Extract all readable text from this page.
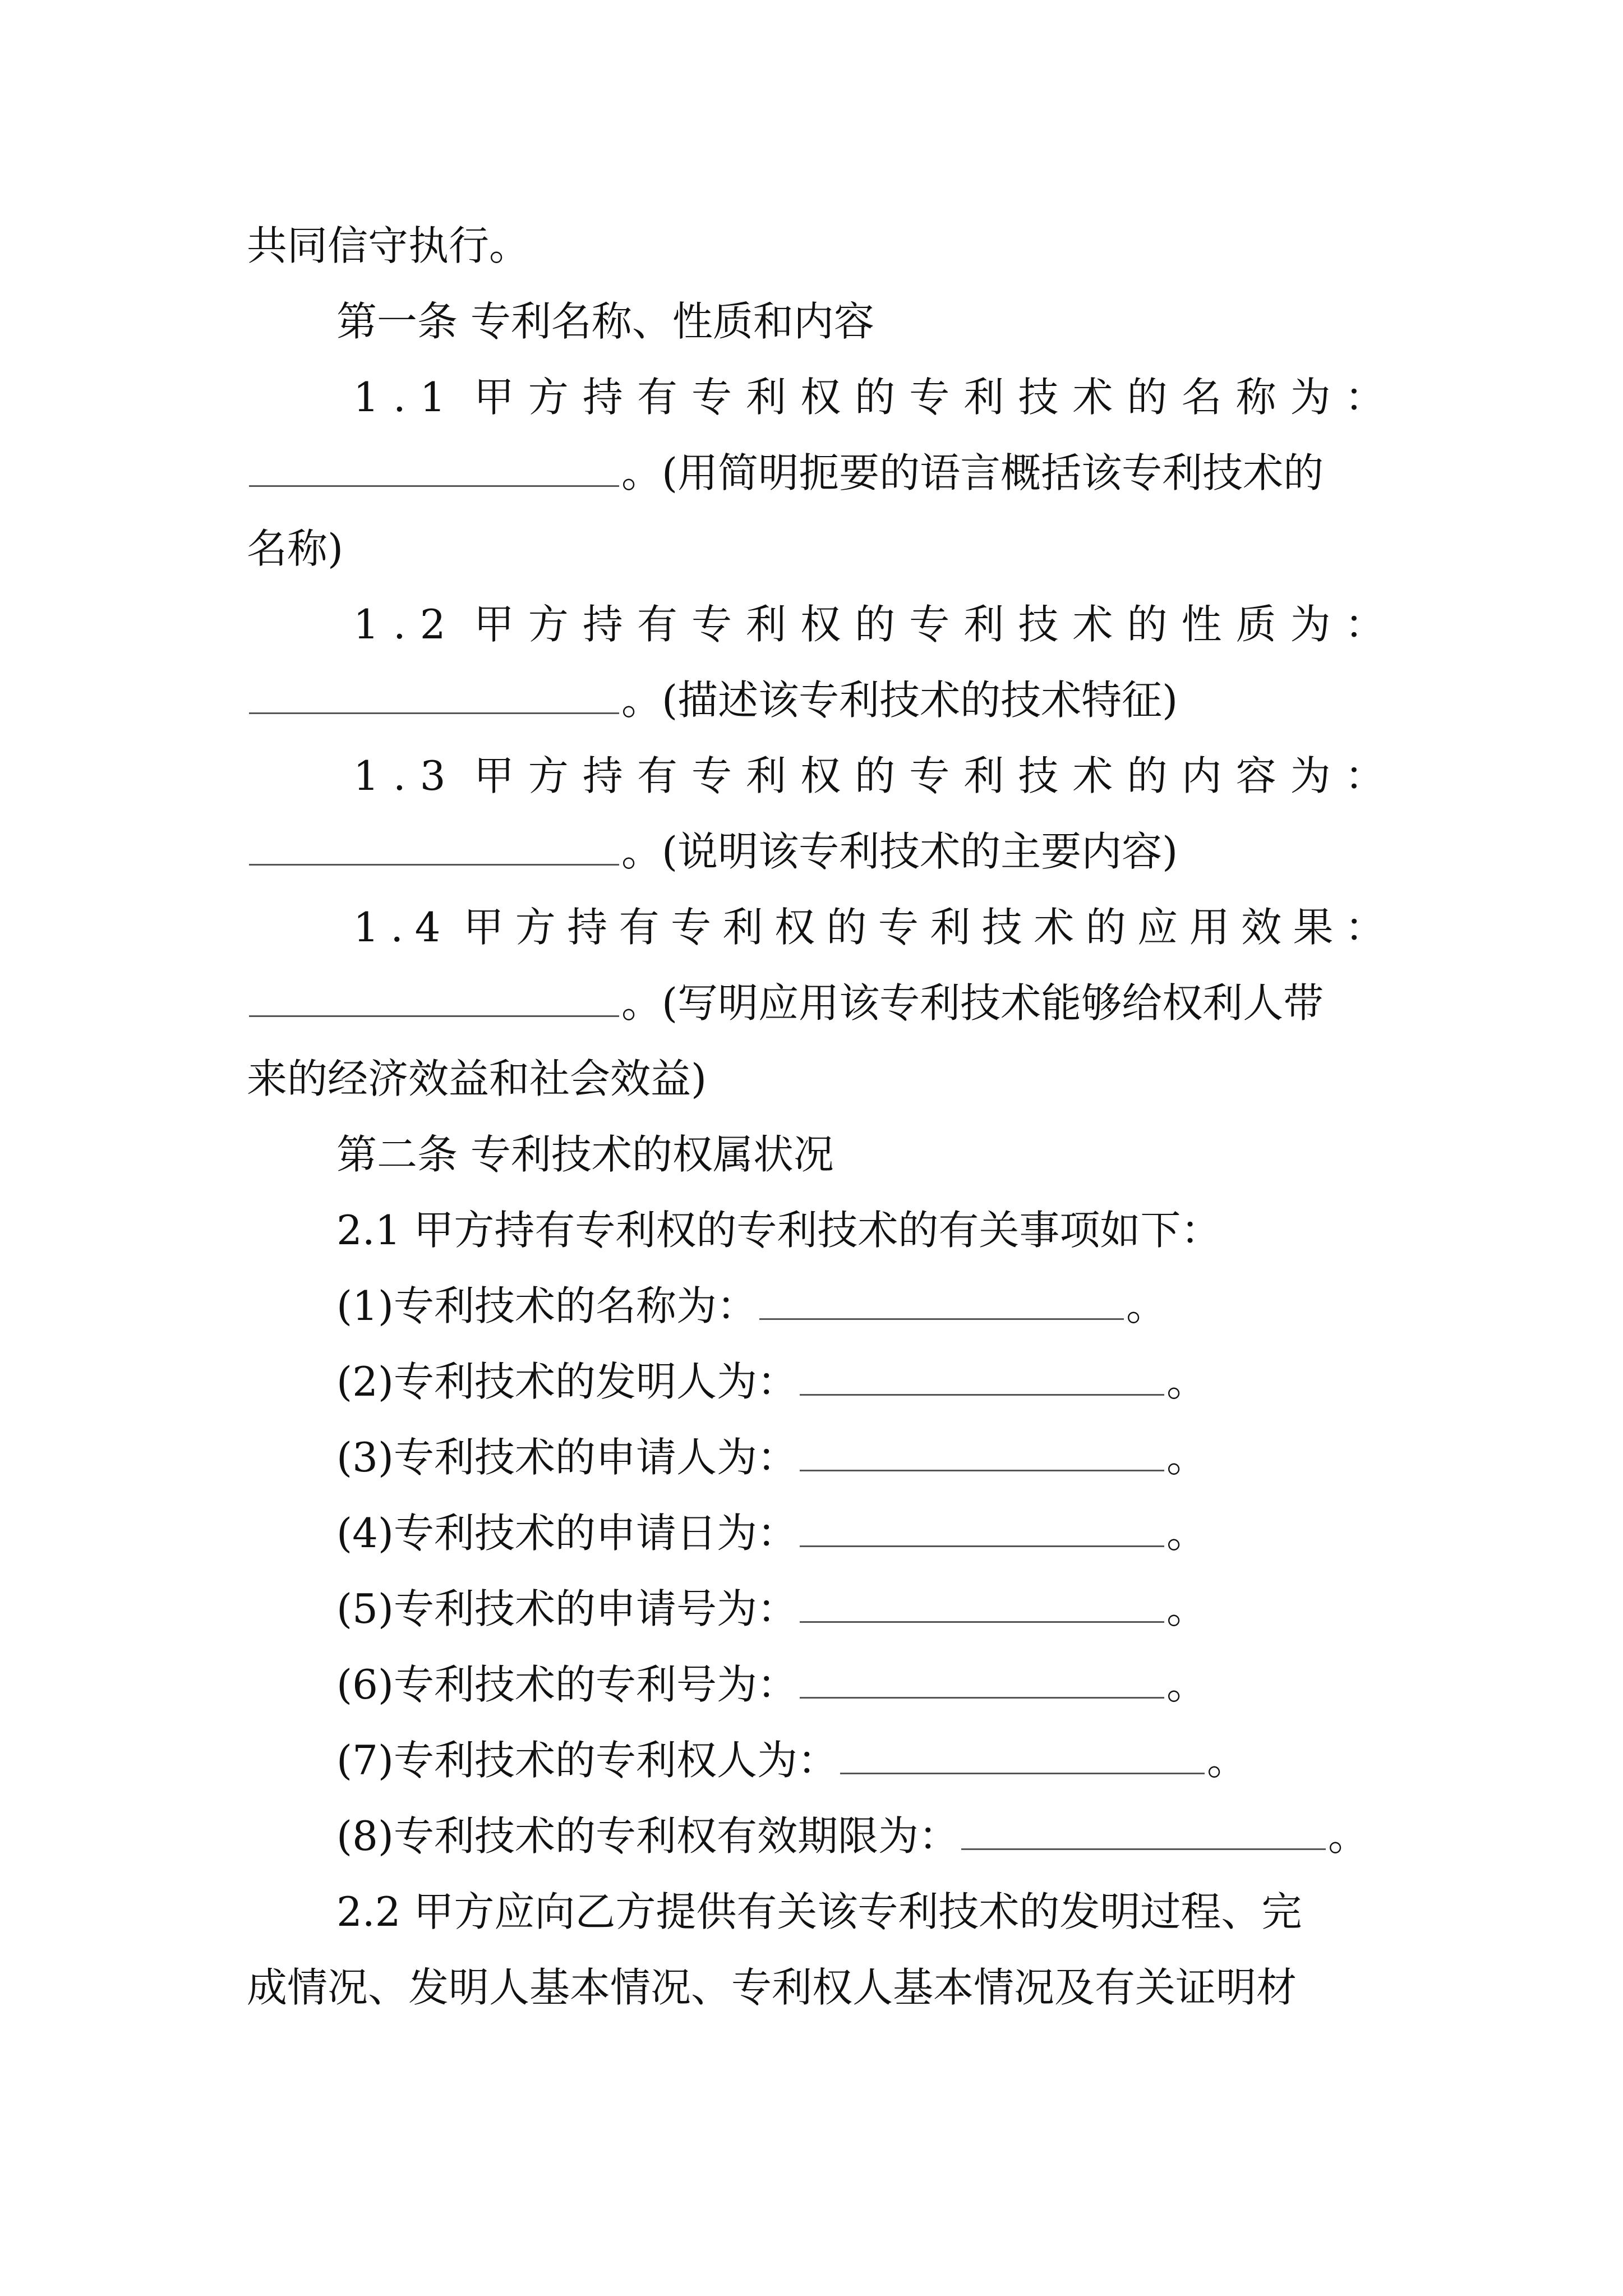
共同信守执行。
第一条 专利名称、性质和内容
1 . 1 甲 方 持 有 专 利 权 的 专 利 技 术 的 名 称 为 ：
。(用简明扼要的语言概括该专利技术的
名称)
1 . 2 甲 方 持 有 专 利 权 的 专 利 技 术 的 性 质 为 ：
。(描述该专利技术的技术特征)
1 . 3 甲 方 持 有 专 利 权 的 专 利 技 术 的 内 容 为 ：
。(说明该专利技术的主要内容)
1 . 4 甲 方 持 有 专 利 权 的 专 利 技 术 的 应 用 效 果 ：
。(写明应用该专利技术能够给权利人带
来的经济效益和社会效益)
第二条 专利技术的权属状况
2.1 甲方持有专利权的专利技术的有关事项如下：
(1)专利技术的名称为：	。
(2)专利技术的发明人为：	。
(3)专利技术的申请人为：	。
(4)专利技术的申请日为：	。
(5)专利技术的申请号为：	。
(6)专利技术的专利号为：	。
(7)专利技术的专利权人为：	。
(8)专利技术的专利权有效期限为：	。
2.2 甲方应向乙方提供有关该专利技术的发明过程、完
成情况、发明人基本情况、专利权人基本情况及有关证明材
